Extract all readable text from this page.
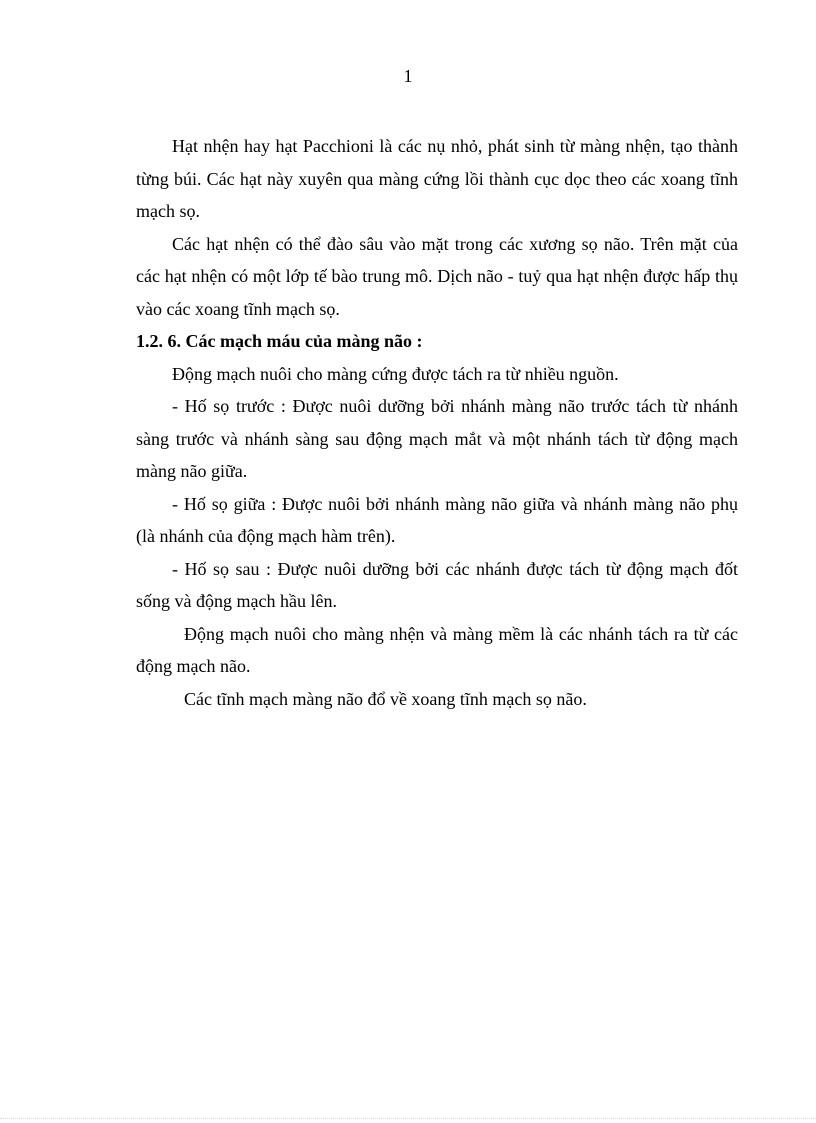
1

Hạt nhện hay hạt Pacchioni là các nụ nhỏ, phát sinh từ màng nhện, tạo thành từng búi. Các hạt này xuyên qua màng cứng lồi thành cục dọc theo các xoang tĩnh mạch sọ.

Các hạt nhện có thể đào sâu vào mặt trong các xương sọ não. Trên mặt của các hạt nhện có một lớp tế bào trung mô. Dịch não - tuỷ qua hạt nhện được hấp thụ vào các xoang tĩnh mạch sọ.

1.2. 6. Các mạch máu của màng não :

Động mạch nuôi cho màng cứng được tách ra từ nhiều nguồn.

- Hố sọ trước : Được nuôi dưỡng bởi nhánh màng não trước tách từ nhánh sàng trước và nhánh sàng sau động mạch mắt và một nhánh tách từ động mạch màng não giữa.

- Hố sọ giữa : Được nuôi bởi nhánh màng não giữa và nhánh màng não phụ (là nhánh của động mạch hàm trên).

- Hố sọ sau : Được nuôi dưỡng bởi các nhánh được tách từ động mạch đốt sống và động mạch hầu lên.

Động mạch nuôi cho màng nhện và màng mềm là các nhánh tách ra từ các động mạch não.

Các tĩnh mạch màng não đổ về xoang tĩnh mạch sọ não.
